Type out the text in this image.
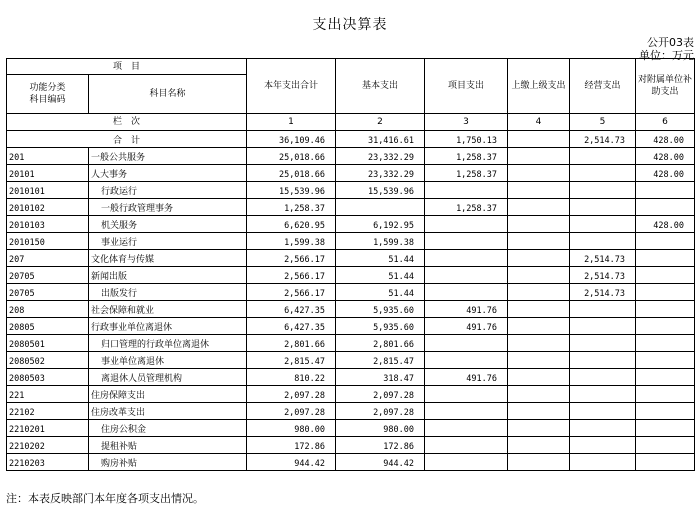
支出决算表
公开03表
单位：万元
项　目		本年支出合计	基本支出	项目支出	上缴上级支出	经营支出	对附属单位补助支出
功能分类
科目编码	科目名称						
栏　次		1	2	3	4	5	6
合　计		36,109.46	31,416.61	1,750.13		2,514.73	428.00
201	一般公共服务	25,018.66	23,332.29	1,258.37			428.00
20101	人大事务	25,018.66	23,332.29	1,258.37			428.00
2010101	行政运行	15,539.96	15,539.96				
2010102	一般行政管理事务	1,258.37		1,258.37			
2010103	机关服务	6,620.95	6,192.95				428.00
2010150	事业运行	1,599.38	1,599.38				
207	文化体育与传媒	2,566.17	51.44			2,514.73	
20705	新闻出版	2,566.17	51.44			2,514.73	
20705	出版发行	2,566.17	51.44			2,514.73	
208	社会保障和就业	6,427.35	5,935.60	491.76			
20805	行政事业单位离退休	6,427.35	5,935.60	491.76			
2080501	归口管理的行政单位离退休	2,801.66	2,801.66				
2080502	事业单位离退休	2,815.47	2,815.47				
2080503	离退休人员管理机构	810.22	318.47	491.76			
221	住房保障支出	2,097.28	2,097.28				
22102	住房改革支出	2,097.28	2,097.28				
2210201	住房公积金	980.00	980.00				
2210202	提租补贴	172.86	172.86				
2210203	购房补贴	944.42	944.42				
注：本表反映部门本年度各项支出情况。
